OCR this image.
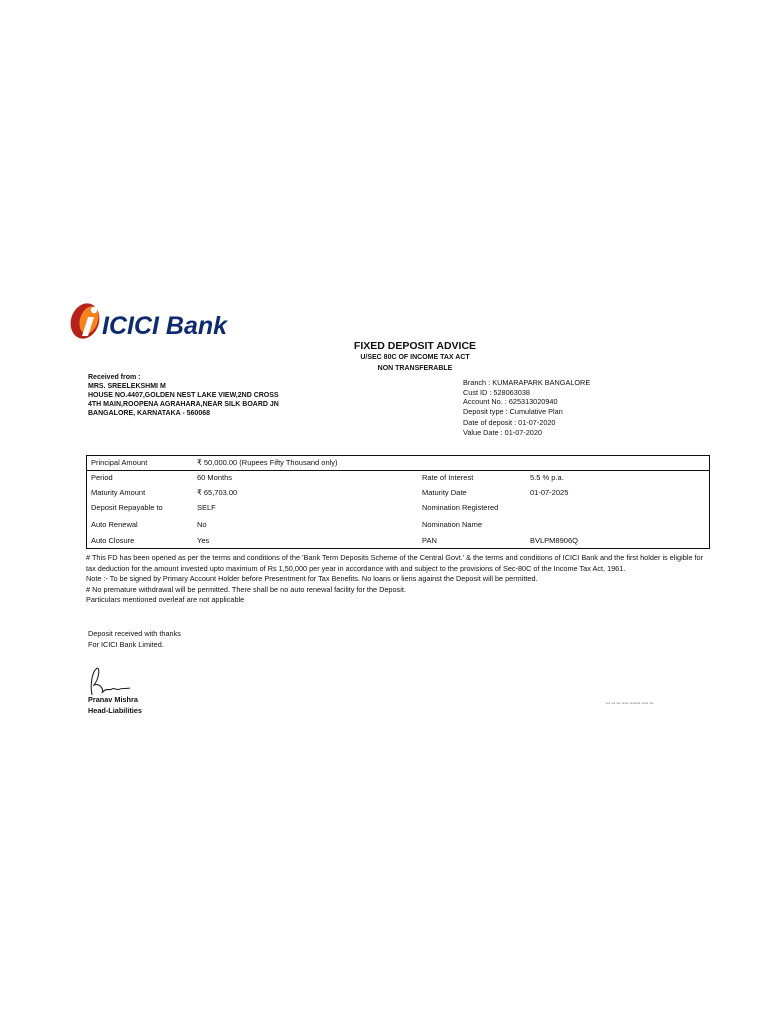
ICICI Bank
FIXED DEPOSIT ADVICE
U/SEC 80C OF INCOME TAX ACT
NON TRANSFERABLE
Received from :
MRS. SREELEKSHMI M
HOUSE NO.4407,GOLDEN NEST LAKE VIEW,2ND CROSS
4TH MAIN,ROOPENA AGRAHARA,NEAR SILK BOARD JN
BANGALORE, KARNATAKA - 560068
Branch : KUMARAPARK BANGALORE
Cust ID : 528063038
Account No. : 625313020940
Deposit type : Cumulative Plan
Date of deposit : 01-07-2020
Value Date : 01-07-2020
Principal Amount	₹ 50,000.00 (Rupees Fifty Thousand only)
Period	60 Months	Rate of Interest	5.5 % p.a.
Maturity Amount	₹ 65,703.00	Maturity Date	01-07-2025
Deposit Repayable to	SELF	Nomination Registered
Auto Renewal	No	Nomination Name
Auto Closure	Yes	PAN	BVLPM8906Q

# This FD has been opened as per the terms and conditions of the 'Bank Term Deposits Scheme of the Central Govt.' & the terms and conditions of ICICI Bank and the first holder is eligible for tax deduction for the amount invested upto maximum of Rs 1,50,000 per year in accordance with and subject to the provisions of Sec-80C of the Income Tax Act, 1961.

Note :- To be signed by Primary Account Holder before Presentment for Tax Benefits. No loans or liens against the Deposit will be permitted.

# No premature withdrawal will be permitted. There shall be no auto renewal facility for the Deposit.

Particulars mentioned overleaf are not applicable

Deposit received with thanks
For ICICI Bank Limited.
Pranav Mishra
Head-Liabilities
▪▪▪ ▪▪▪ ▪▪▪ ▪▪▪▪▪ ▪▪▪▪▪▪▪▪ ▪▪▪▪▪ ▪▪▪
